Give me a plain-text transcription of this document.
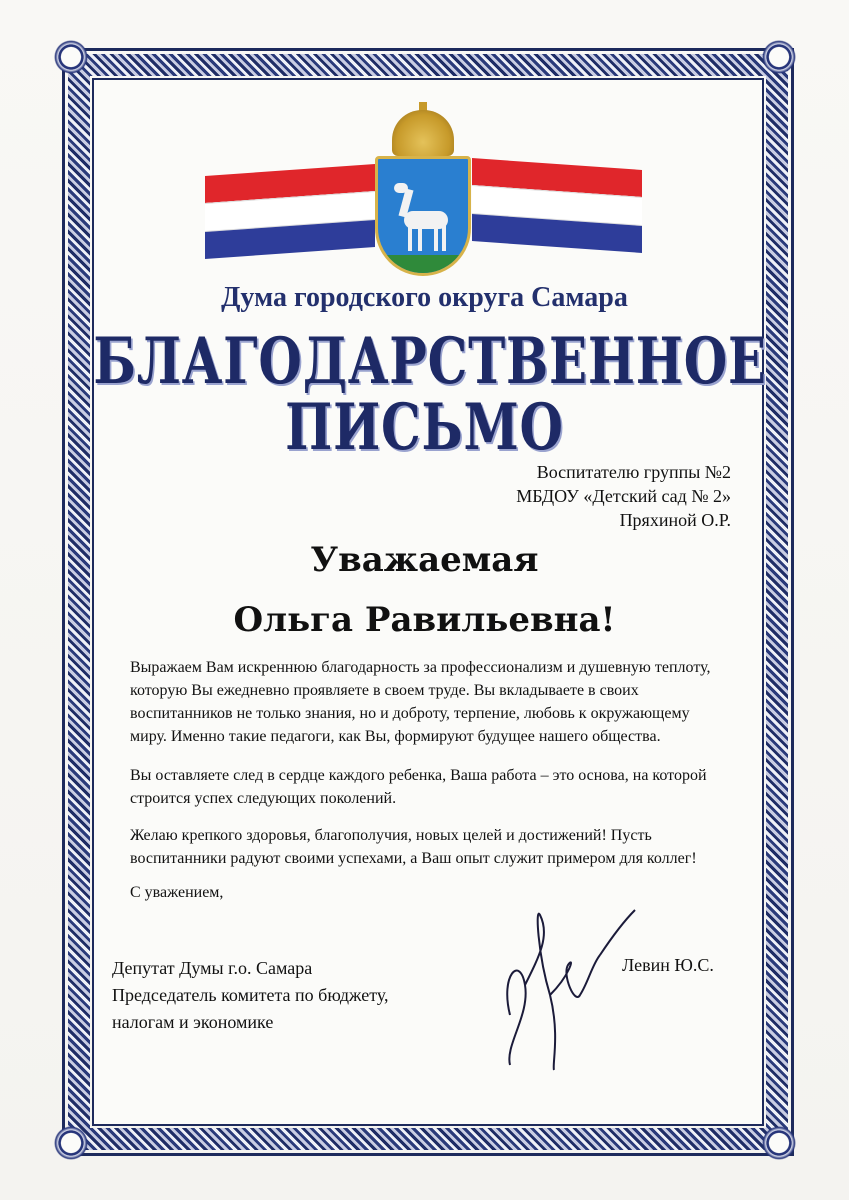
Дума городского округа Самара
БЛАГОДАРСТВЕННОЕ
ПИСЬМО
Воспитателю группы №2
МБДОУ «Детский сад № 2»
Пряхиной О.Р.
Уважаемая
Ольга Равильевна!
Выражаем Вам искреннюю благодарность за профессионализм и душевную теплоту, которую Вы ежедневно проявляете в своем труде. Вы вкладываете в своих воспитанников не только знания, но и доброту, терпение, любовь к окружающему миру. Именно такие педагоги, как Вы, формируют будущее нашего общества.
Вы оставляете след в сердце каждого ребенка, Ваша работа – это основа, на которой строится успех следующих поколений.
Желаю крепкого здоровья, благополучия, новых целей и достижений! Пусть воспитанники радуют своими успехами, а Ваш опыт служит примером для коллег!
С уважением,
Депутат Думы г.о. Самара
Председатель комитета по бюджету,
налогам и экономике
Левин Ю.С.
